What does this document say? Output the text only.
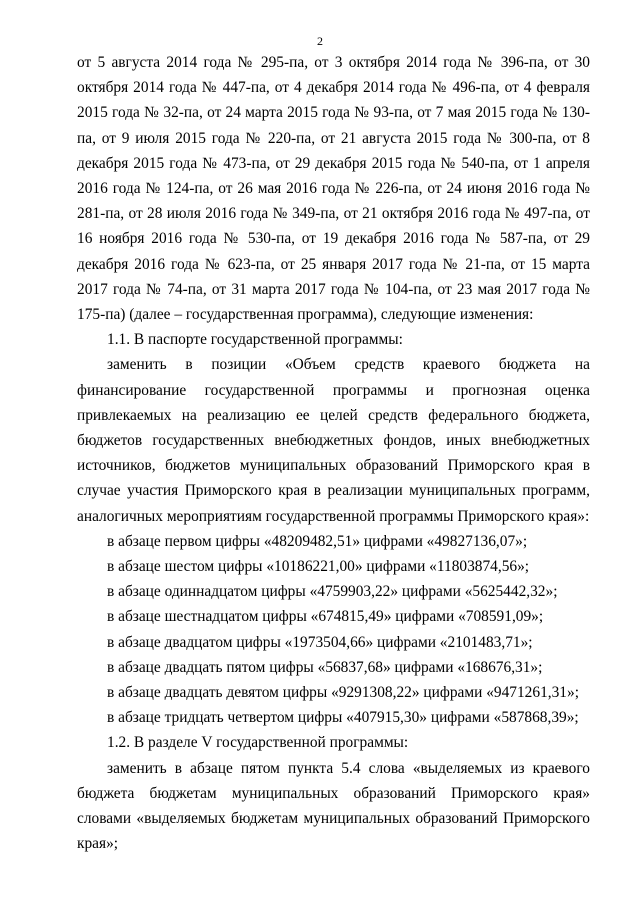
2

от 5 августа 2014 года № 295-па, от 3 октября 2014 года № 396-па, от 30 октября 2014 года № 447-па, от 4 декабря 2014 года № 496-па, от 4 февраля 2015 года № 32-па, от 24 марта 2015 года № 93-па, от 7 мая 2015 года № 130-па, от 9 июля 2015 года № 220-па, от 21 августа 2015 года № 300-па, от 8 декабря 2015 года № 473-па, от 29 декабря 2015 года № 540-па, от 1 апреля 2016 года № 124-па, от 26 мая 2016 года № 226-па, от 24 июня 2016 года № 281-па, от 28 июля 2016 года № 349-па, от 21 октября 2016 года № 497-па, от 16 ноября 2016 года № 530-па, от 19 декабря 2016 года № 587-па, от 29 декабря 2016 года № 623-па, от 25 января 2017 года № 21-па, от 15 марта 2017 года № 74-па, от 31 марта 2017 года № 104-па, от 23 мая 2017 года № 175-па) (далее – государственная программа), следующие изменения:

1.1. В паспорте государственной программы:

заменить в позиции «Объем средств краевого бюджета на финансирование государственной программы и прогнозная оценка привлекаемых на реализацию ее целей средств федерального бюджета, бюджетов государственных внебюджетных фондов, иных внебюджетных источников, бюджетов муниципальных образований Приморского края в случае участия Приморского края в реализации муниципальных программ, аналогичных мероприятиям государственной программы Приморского края»:

в абзаце первом цифры «48209482,51» цифрами «49827136,07»;

в абзаце шестом цифры «10186221,00» цифрами «11803874,56»;

в абзаце одиннадцатом цифры «4759903,22» цифрами «5625442,32»;

в абзаце шестнадцатом цифры «674815,49» цифрами «708591,09»;

в абзаце двадцатом цифры «1973504,66» цифрами «2101483,71»;

в абзаце двадцать пятом цифры «56837,68» цифрами «168676,31»;

в абзаце двадцать девятом цифры «9291308,22» цифрами «9471261,31»;

в абзаце тридцать четвертом цифры «407915,30» цифрами «587868,39»;

1.2. В разделе V государственной программы:

заменить в абзаце пятом пункта 5.4 слова «выделяемых из краевого бюджета бюджетам муниципальных образований Приморского края» словами «выделяемых бюджетам муниципальных образований Приморского края»;
